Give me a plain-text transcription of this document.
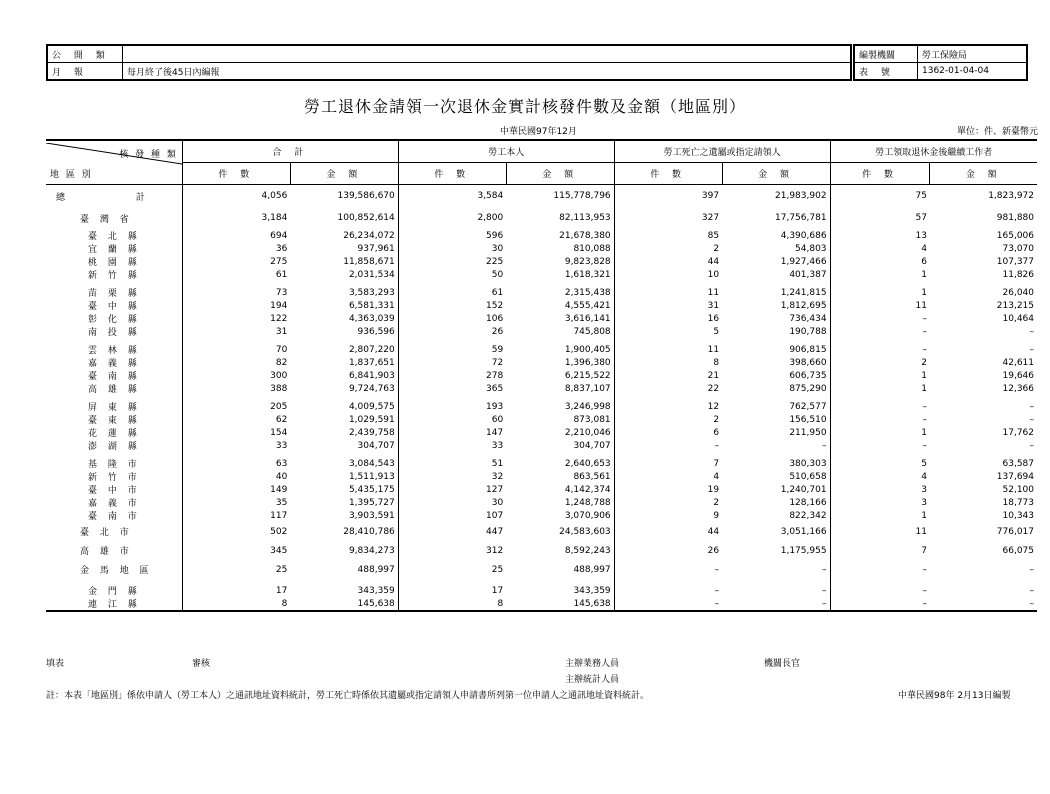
公 開 類	
月 報	每月終了後45日內編報
編製機關	勞工保險局
表 號	1362-01-04-04
勞工退休金請領一次退休金實計核發件數及金額（地區別）
中華民國97年12月	單位：件、新臺幣元
核 發 種 類
地 區 別	合 計		勞工本人		勞工死亡之遺屬或指定請領人		勞工領取退休金後繼續工作者	
	件 數	金 額	件 數	金 額	件 數	金 額	件 數	金 額
總 計	4,056	139,586,670	3,584	115,778,796	397	21,983,902	75	1,823,972
臺 灣 省	3,184	100,852,614	2,800	82,113,953	327	17,756,781	57	981,880
臺 北 縣	694	26,234,072	596	21,678,380	85	4,390,686	13	165,006
宜 蘭 縣	36	937,961	30	810,088	2	54,803	4	73,070
桃 園 縣	275	11,858,671	225	9,823,828	44	1,927,466	6	107,377
新 竹 縣	61	2,031,534	50	1,618,321	10	401,387	1	11,826
苗 栗 縣	73	3,583,293	61	2,315,438	11	1,241,815	1	26,040
臺 中 縣	194	6,581,331	152	4,555,421	31	1,812,695	11	213,215
彰 化 縣	122	4,363,039	106	3,616,141	16	736,434	–	10,464
南 投 縣	31	936,596	26	745,808	5	190,788	–	–
雲 林 縣	70	2,807,220	59	1,900,405	11	906,815	–	–
嘉 義 縣	82	1,837,651	72	1,396,380	8	398,660	2	42,611
臺 南 縣	300	6,841,903	278	6,215,522	21	606,735	1	19,646
高 雄 縣	388	9,724,763	365	8,837,107	22	875,290	1	12,366
屏 東 縣	205	4,009,575	193	3,246,998	12	762,577	–	–
臺 東 縣	62	1,029,591	60	873,081	2	156,510	–	–
花 蓮 縣	154	2,439,758	147	2,210,046	6	211,950	1	17,762
澎 湖 縣	33	304,707	33	304,707	–	–	–	–
基 隆 市	63	3,084,543	51	2,640,653	7	380,303	5	63,587
新 竹 市	40	1,511,913	32	863,561	4	510,658	4	137,694
臺 中 市	149	5,435,175	127	4,142,374	19	1,240,701	3	52,100
嘉 義 市	35	1,395,727	30	1,248,788	2	128,166	3	18,773
臺 南 市	117	3,903,591	107	3,070,906	9	822,342	1	10,343
臺 北 市	502	28,410,786	447	24,583,603	44	3,051,166	11	776,017
高 雄 市	345	9,834,273	312	8,592,243	26	1,175,955	7	66,075
金 馬 地 區	25	488,997	25	488,997	–	–	–	–
金 門 縣	17	343,359	17	343,359	–	–	–	–
連 江 縣	8	145,638	8	145,638	–	–	–	–
填表	審核	主辦業務人員	機關長官
主辦統計人員
註：本表「地區別」係依申請人（勞工本人）之通訊地址資料統計，勞工死亡時係依其遺屬或指定請領人申請書所列第一位申請人之通訊地址資料統計。	中華民國98年 2月13日編製
